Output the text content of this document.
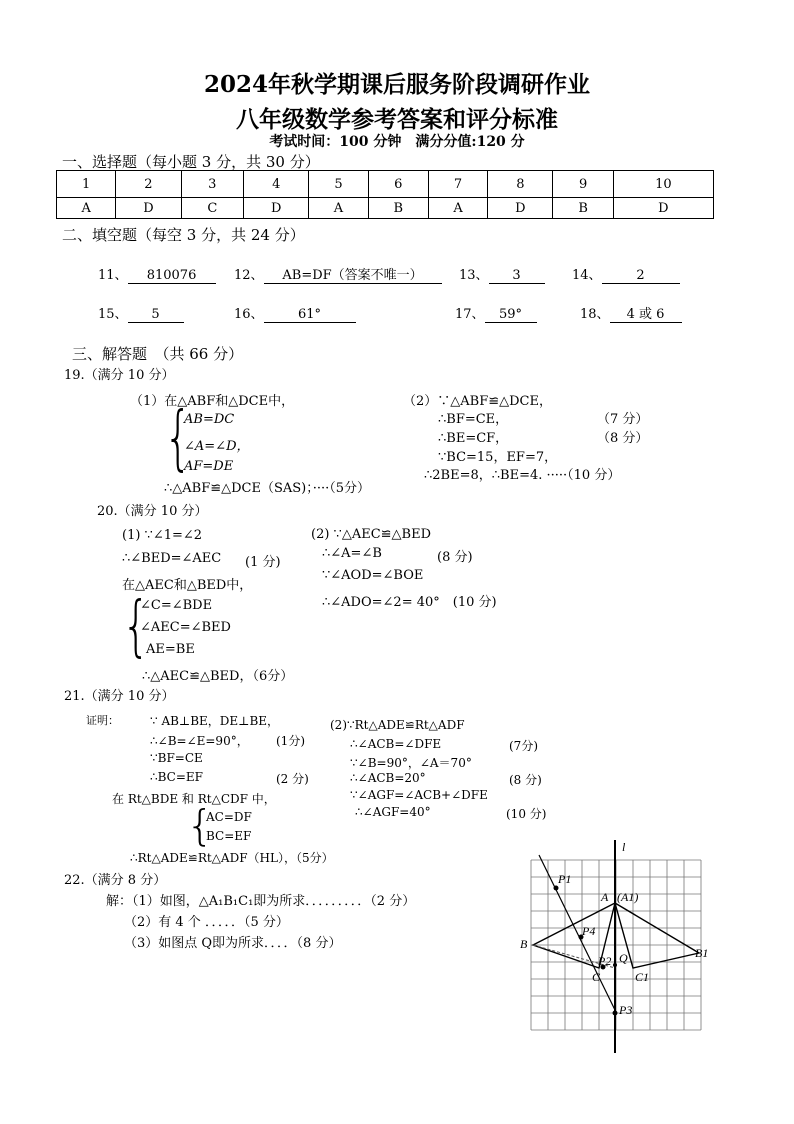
2024年秋学期课后服务阶段调研作业
八年级数学参考答案和评分标准
考试时间：100 分钟　满分分值:120 分
一、选择题（每小题 3 分，共 30 分）
1	2	3	4	5	6	7	8	9	10
A	D	C	D	A	B	A	D	B	D
二、填空题（每空 3 分，共 24 分）
11、 810076	12、 AB=DF（答案不唯一）	13、 3	14、	2
15、 5	16、	61°	17、 59°	18、 4 或 6
三、解答题　（共 66 分）
19.（满分 10 分）
（1）在△ABF和△DCE中，
{
AB=DC
∠A=∠D，
AF=DE
∴△ABF≌△DCE（SAS)；····（5分）
（2）∵△ABF≌△DCE，
∴BF=CE，	（7 分）
∴BE=CF，	（8 分）
∵BC=15，EF=7，
∴2BE=8，∴BE=4. ·····（10 分）
20.（满分 10 分）
(1) ∵∠1=∠2
∴∠BED=∠AEC (1 分)
在△AEC和△BED中，
{
∠C=∠BDE
∠AEC=∠BED
AE=BE
∴△AEC≌△BED，（6分）
(2) ∵△AEC≌△BED
∴∠A=∠B	(8 分)
∵∠AOD=∠BOE
∴∠ADO=∠2= 40°　(10 分)
21.（满分 10 分）
证明：	∵ AB⊥BE，DE⊥BE，
∴∠B=∠E=90°， (1分)
∵BF=CE
∴BC=EF	(2 分)
在 Rt△BDE 和 Rt△CDF 中，
{
AC=DF
BC=EF
∴Rt△ADE≌Rt△ADF（HL），（5分）
(2)∵Rt△ADE≌Rt△ADF
∴∠ACB=∠DFE	(7分)
∵∠B=90°，∠A＝70°
∴∠ACB=20°	(8 分)
∵∠AGF=∠ACB+∠DFE
∴∠AGF=40°	(10 分)
22.（满分 8 分）
解：（1）如图，△A₁B₁C₁即为所求．．．．．．．．．（2 分）
（2）有 4 个 ．．．．．（5 分）
（3）如图点 Q即为所求．．．．（8 分）
l
P1
A (A1)
P4
B
B1
Q
P2
C	C1
P3
